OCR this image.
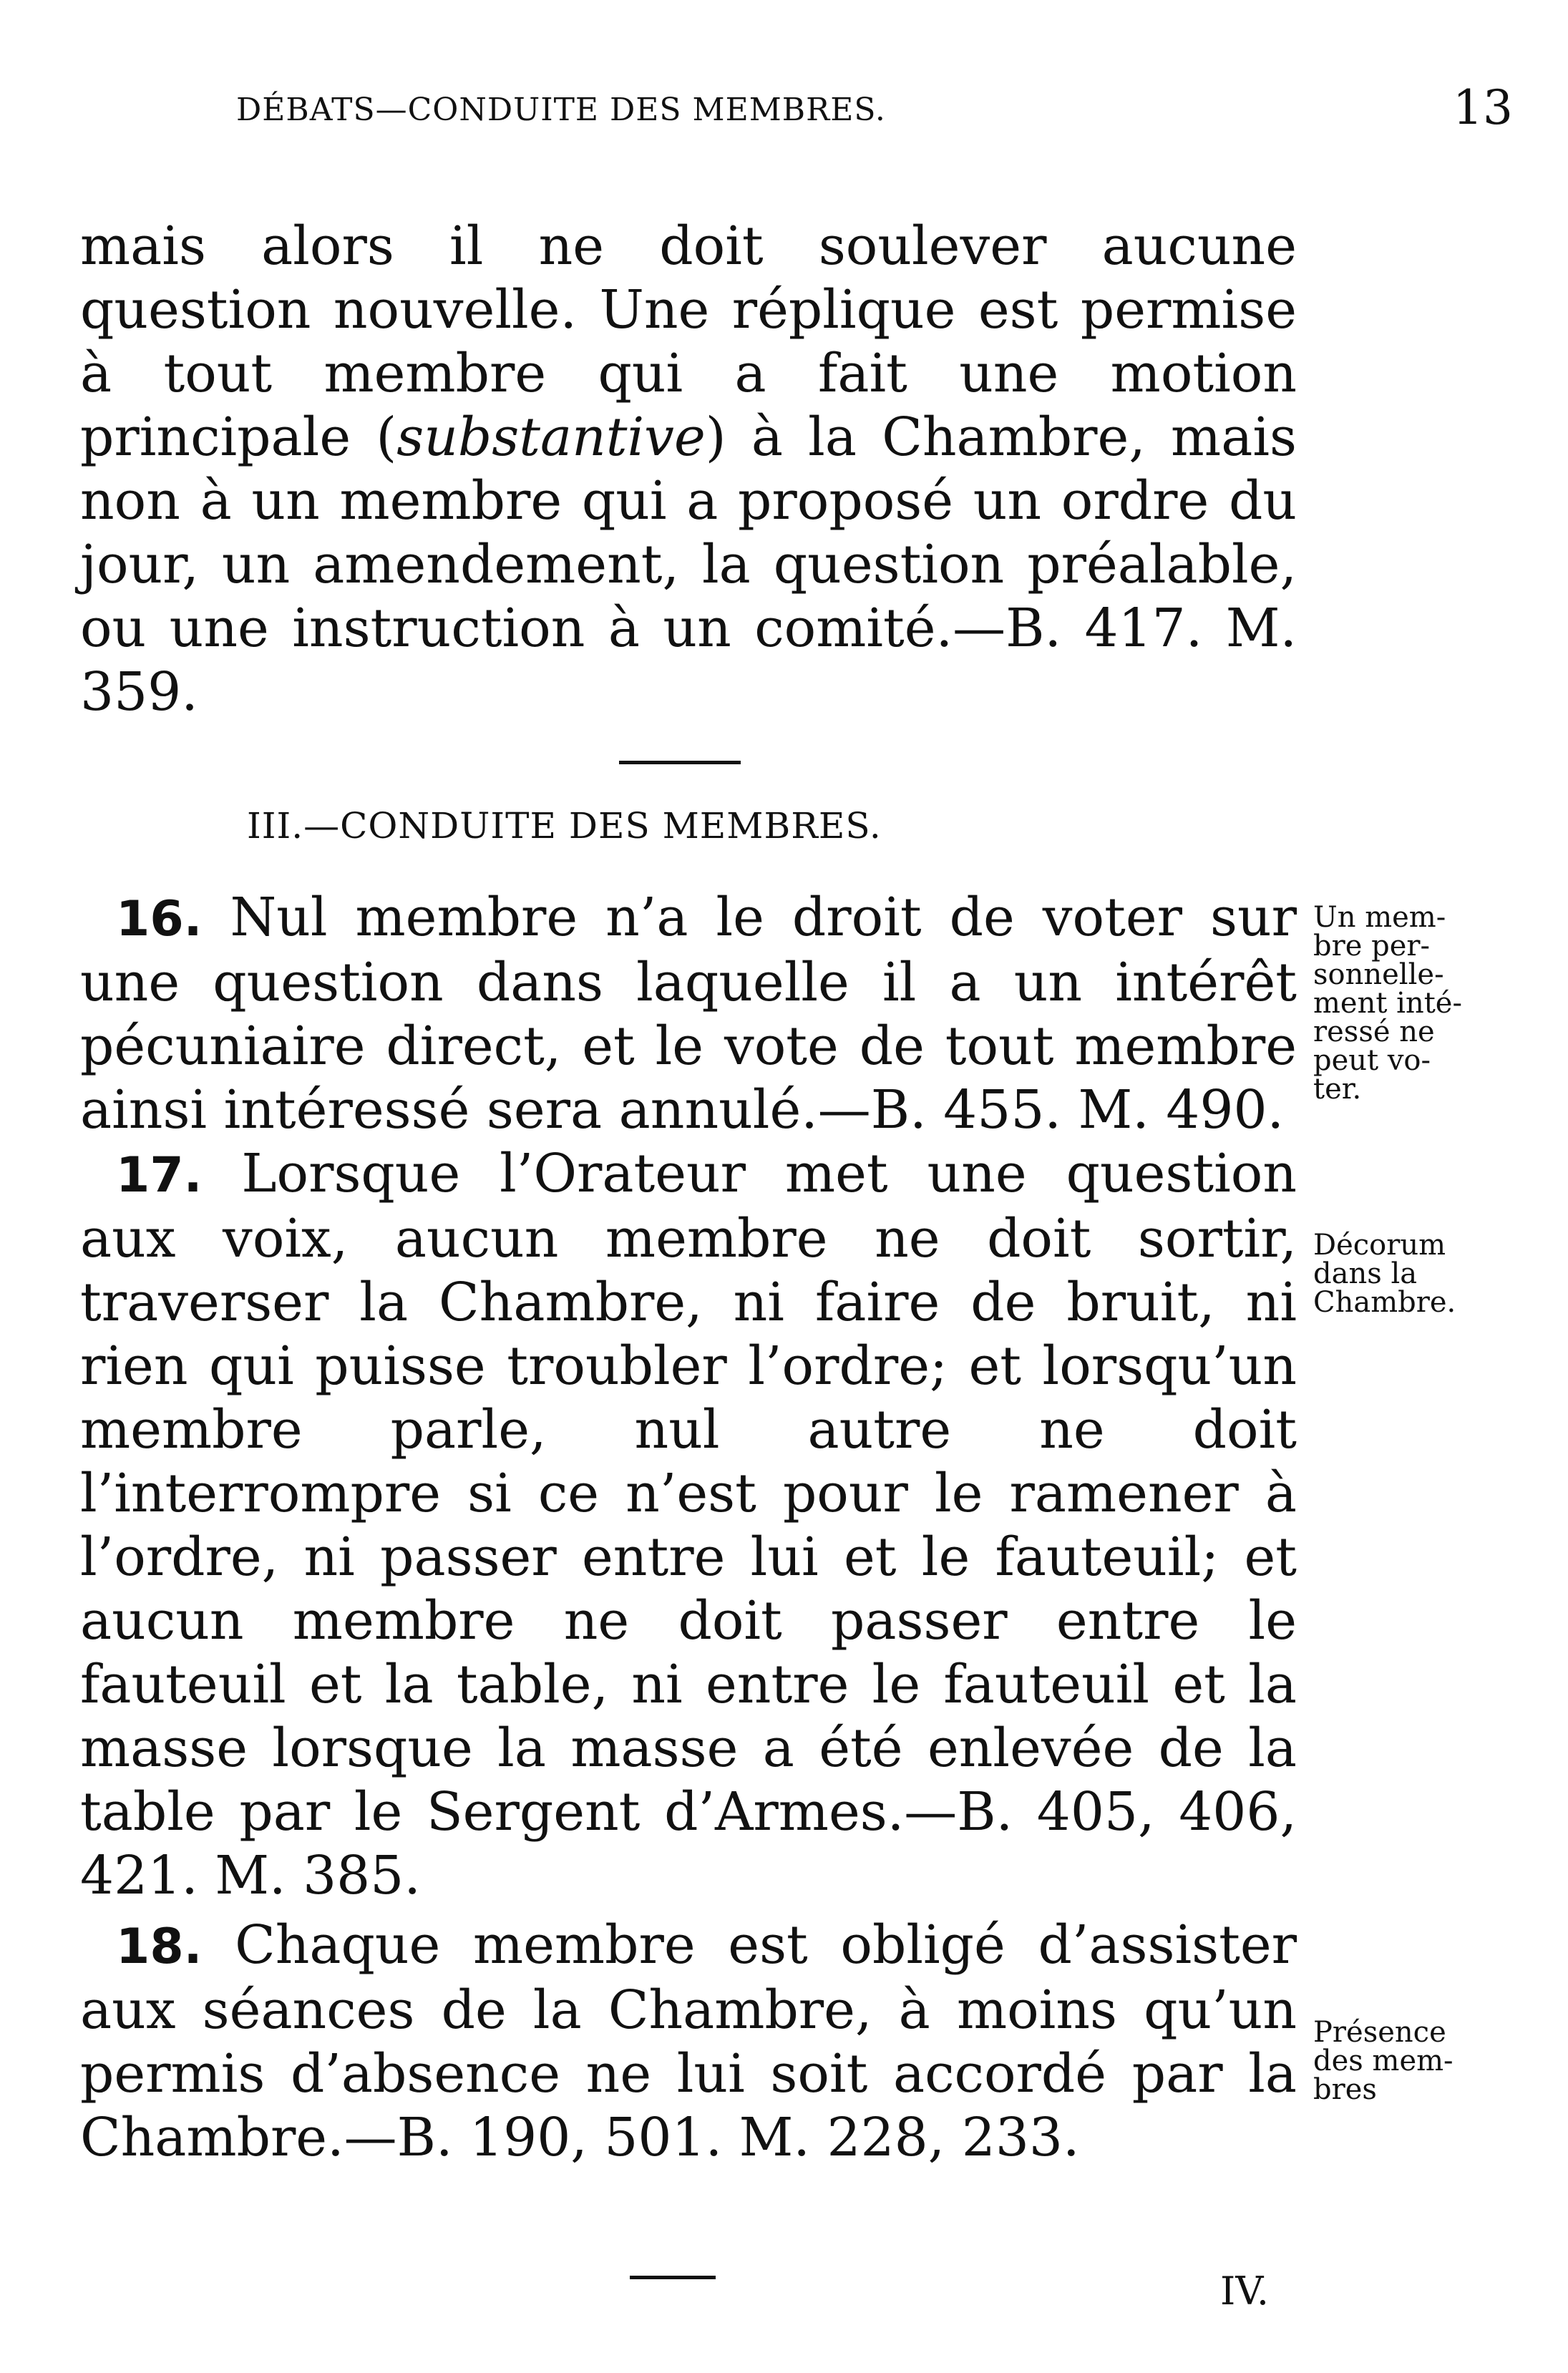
DÉBATS—CONDUITE DES MEMBRES.	13

mais alors il ne doit soulever aucune question nouvelle. Une réplique est permise à tout membre qui a fait une motion principale (substantive) à la Chambre, mais non à un membre qui a proposé un ordre du jour, un amendement, la question préalable, ou une instruction à un comité.—B. 417. M. 359.

III.—CONDUITE DES MEMBRES.

16. Nul membre n’a le droit de voter sur une question dans laquelle il a un intérêt pécuniaire direct, et le vote de tout membre ainsi intéressé sera annulé.—B. 455. M. 490.

17. Lorsque l’Orateur met une question aux voix, aucun membre ne doit sortir, traverser la Chambre, ni faire de bruit, ni rien qui puisse troubler l’ordre; et lorsqu’un membre parle, nul autre ne doit l’interrompre si ce n’est pour le ramener à l’ordre, ni passer entre lui et le fauteuil; et aucun membre ne doit passer entre le fauteuil et la table, ni entre le fauteuil et la masse lorsque la masse a été enlevée de la table par le Sergent d’Armes.—B. 405, 406, 421. M. 385.

18. Chaque membre est obligé d’assister aux séances de la Chambre, à moins qu’un permis d’absence ne lui soit accordé par la Chambre.—B. 190, 501. M. 228, 233.

Un mem-
bre per-
sonnelle-
ment inté-
ressé ne
peut vo-
ter.
Décorum
dans la
Chambre.
Présence
des mem-
bres
IV.
